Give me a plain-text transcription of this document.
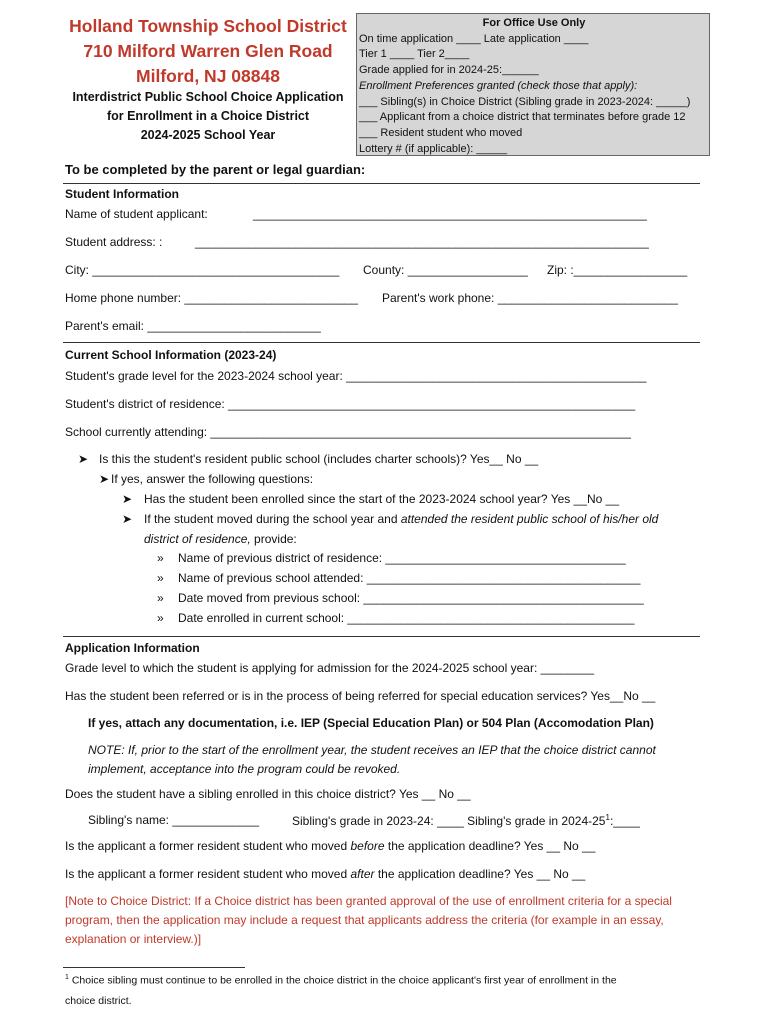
Holland Township School District
710 Milford Warren Glen Road
Milford, NJ 08848
Interdistrict Public School Choice Application
for Enrollment in a Choice District
2024-2025 School Year
For Office Use Only
On time application ____ Late application ____
Tier 1 ____ Tier 2____
Grade applied for in 2024-25:______
Enrollment Preferences granted (check those that apply):
___ Sibling(s) in Choice District (Sibling grade in 2023-2024: _____)
___ Applicant from a choice district that terminates before grade 12
___ Resident student who moved
Lottery # (if applicable): _____
To be completed by the parent or legal guardian:
Student Information
Name of student applicant:	___________________________________________________________
Student address: :	____________________________________________________________________
City: _____________________________________ County: __________________ Zip: :_________________
Home phone number: __________________________ Parent's work phone: ___________________________
Parent's email: __________________________
Current School Information (2023-24)
Student's grade level for the 2023-2024 school year: _____________________________________________
Student's district of residence: _____________________________________________________________
School currently attending: _______________________________________________________________
➤ Is this the student's resident public school (includes charter schools)? Yes__ No __
➤ If yes, answer the following questions:
➤ Has the student been enrolled since the start of the 2023-2024 school year? Yes __No __
➤ If the student moved during the school year and attended the resident public school of his/her old
district of residence, provide:
» Name of previous district of residence: ____________________________________
» Name of previous school attended: _________________________________________
» Date moved from previous school: __________________________________________
» Date enrolled in current school: ___________________________________________
Application Information
Grade level to which the student is applying for admission for the 2024-2025 school year: ________
Has the student been referred or is in the process of being referred for special education services? Yes__No __
If yes, attach any documentation, i.e. IEP (Special Education Plan) or 504 Plan (Accomodation Plan)
NOTE: If, prior to the start of the enrollment year, the student receives an IEP that the choice district cannot
implement, acceptance into the program could be revoked.
Does the student have a sibling enrolled in this choice district? Yes __ No __
Sibling's name: _____________	Sibling's grade in 2023-24: ____ Sibling's grade in $2024-25^1:\_\_\_\_$
Is the applicant a former resident student who moved before the application deadline? Yes __ No __
Is the applicant a former resident student who moved after the application deadline? Yes __ No __
[Note to Choice District: If a Choice district has been granted approval of the use of enrollment criteria for a special program, then the application may include a request that applicants address the criteria (for example in an essay, explanation or interview.)]
$^1$ Choice sibling must continue to be enrolled in the choice district in the choice applicant's first year of enrollment in the
choice district.
